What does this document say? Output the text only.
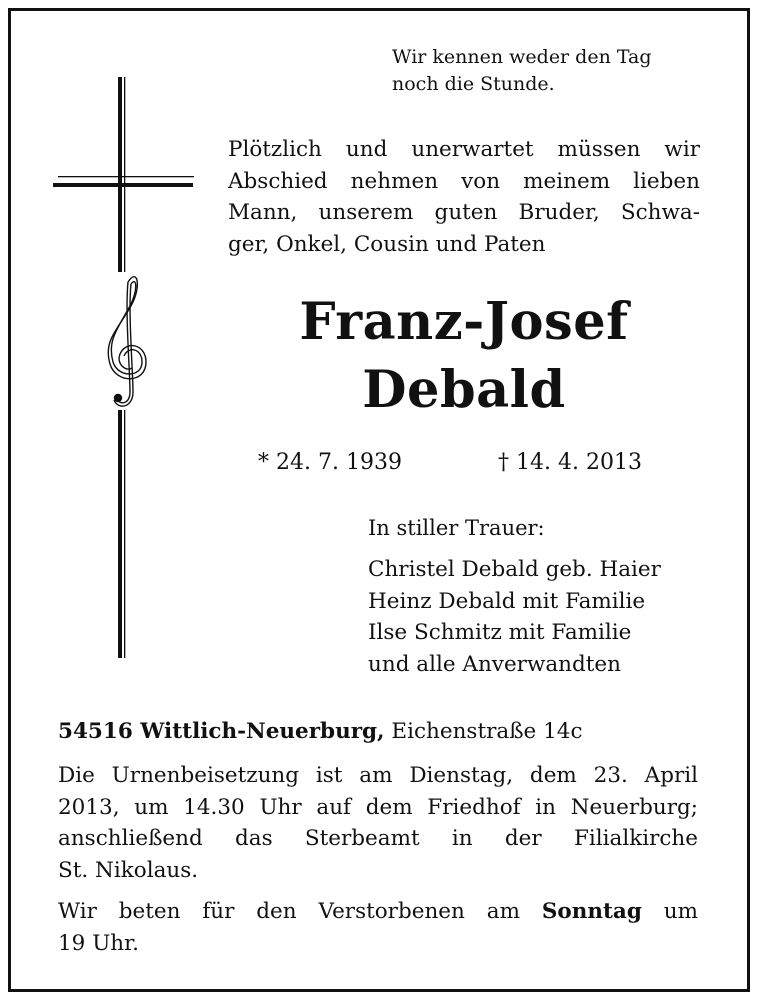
Wir kennen weder den Tag
noch die Stunde.
Plötzlich und unerwartet müssen wir
Abschied nehmen von meinem lieben
Mann, unserem guten Bruder, Schwa-
ger, Onkel, Cousin und Paten
Franz-Josef
Debald
* 24. 7. 1939	† 14. 4. 2013
In stiller Trauer:
Christel Debald geb. Haier
Heinz Debald mit Familie
Ilse Schmitz mit Familie
und alle Anverwandten
54516 Wittlich-Neuerburg, Eichenstraße 14c
Die Urnenbeisetzung ist am Dienstag, dem 23. April
2013, um 14.30 Uhr auf dem Friedhof in Neuerburg;
anschließend das Sterbeamt in der Filialkirche
St. Nikolaus.
Wir beten für den Verstorbenen am Sonntag um
19 Uhr.
